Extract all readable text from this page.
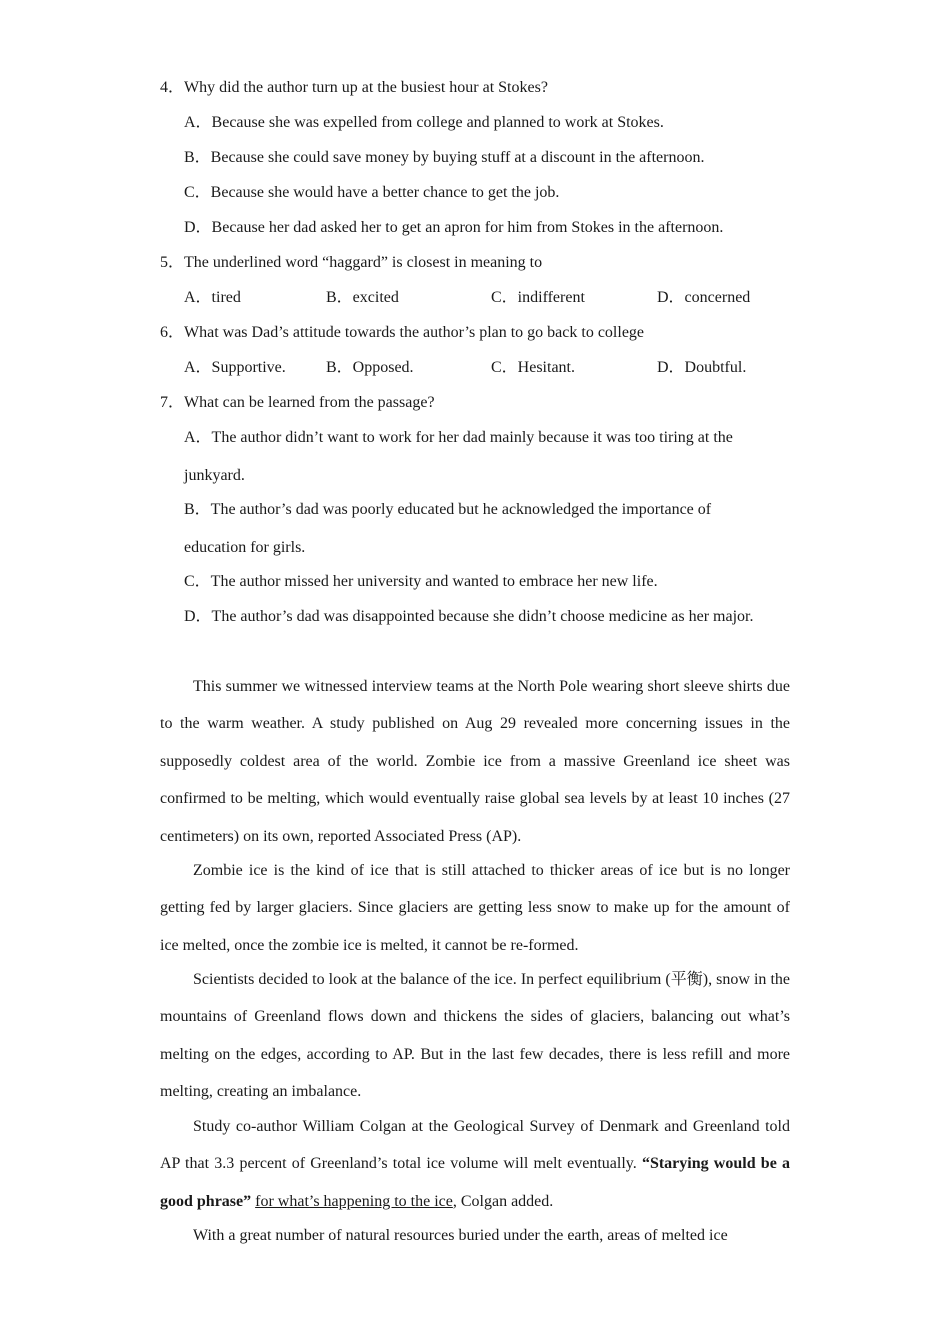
4．Why did the author turn up at the busiest hour at Stokes?
A．Because she was expelled from college and planned to work at Stokes.
B．Because she could save money by buying stuff at a discount in the afternoon.
C．Because she would have a better chance to get the job.
D．Because her dad asked her to get an apron for him from Stokes in the afternoon.
5．The underlined word “haggard” is closest in meaning to
A．tired	B．excited	C．indifferent	D．concerned
6．What was Dad’s attitude towards the author’s plan to go back to college
A．Supportive.	B．Opposed.	C．Hesitant.	D．Doubtful.
7．What can be learned from the passage?
A．The author didn’t want to work for her dad mainly because it was too tiring at the
junkyard.
B．The author’s dad was poorly educated but he acknowledged the importance of
education for girls.
C．The author missed her university and wanted to embrace her new life.
D．The author’s dad was disappointed because she didn’t choose medicine as her major.

This summer we witnessed interview teams at the North Pole wearing short sleeve shirts due to the warm weather. A study published on Aug 29 revealed more concerning issues in the supposedly coldest area of the world. Zombie ice from a massive Greenland ice sheet was confirmed to be melting, which would eventually raise global sea levels by at least 10 inches (27 centimeters) on its own, reported Associated Press (AP).

Zombie ice is the kind of ice that is still attached to thicker areas of ice but is no longer getting fed by larger glaciers. Since glaciers are getting less snow to make up for the amount of ice melted, once the zombie ice is melted, it cannot be re-formed.

Scientists decided to look at the balance of the ice. In perfect equilibrium (平衡), snow in the mountains of Greenland flows down and thickens the sides of glaciers, balancing out what’s melting on the edges, according to AP. But in the last few decades, there is less refill and more melting, creating an imbalance.

Study co-author William Colgan at the Geological Survey of Denmark and Greenland told AP that 3.3 percent of Greenland’s total ice volume will melt eventually. “Starying would be a good phrase” for what’s happening to the ice, Colgan added.

With a great number of natural resources buried under the earth, areas of melted ice
